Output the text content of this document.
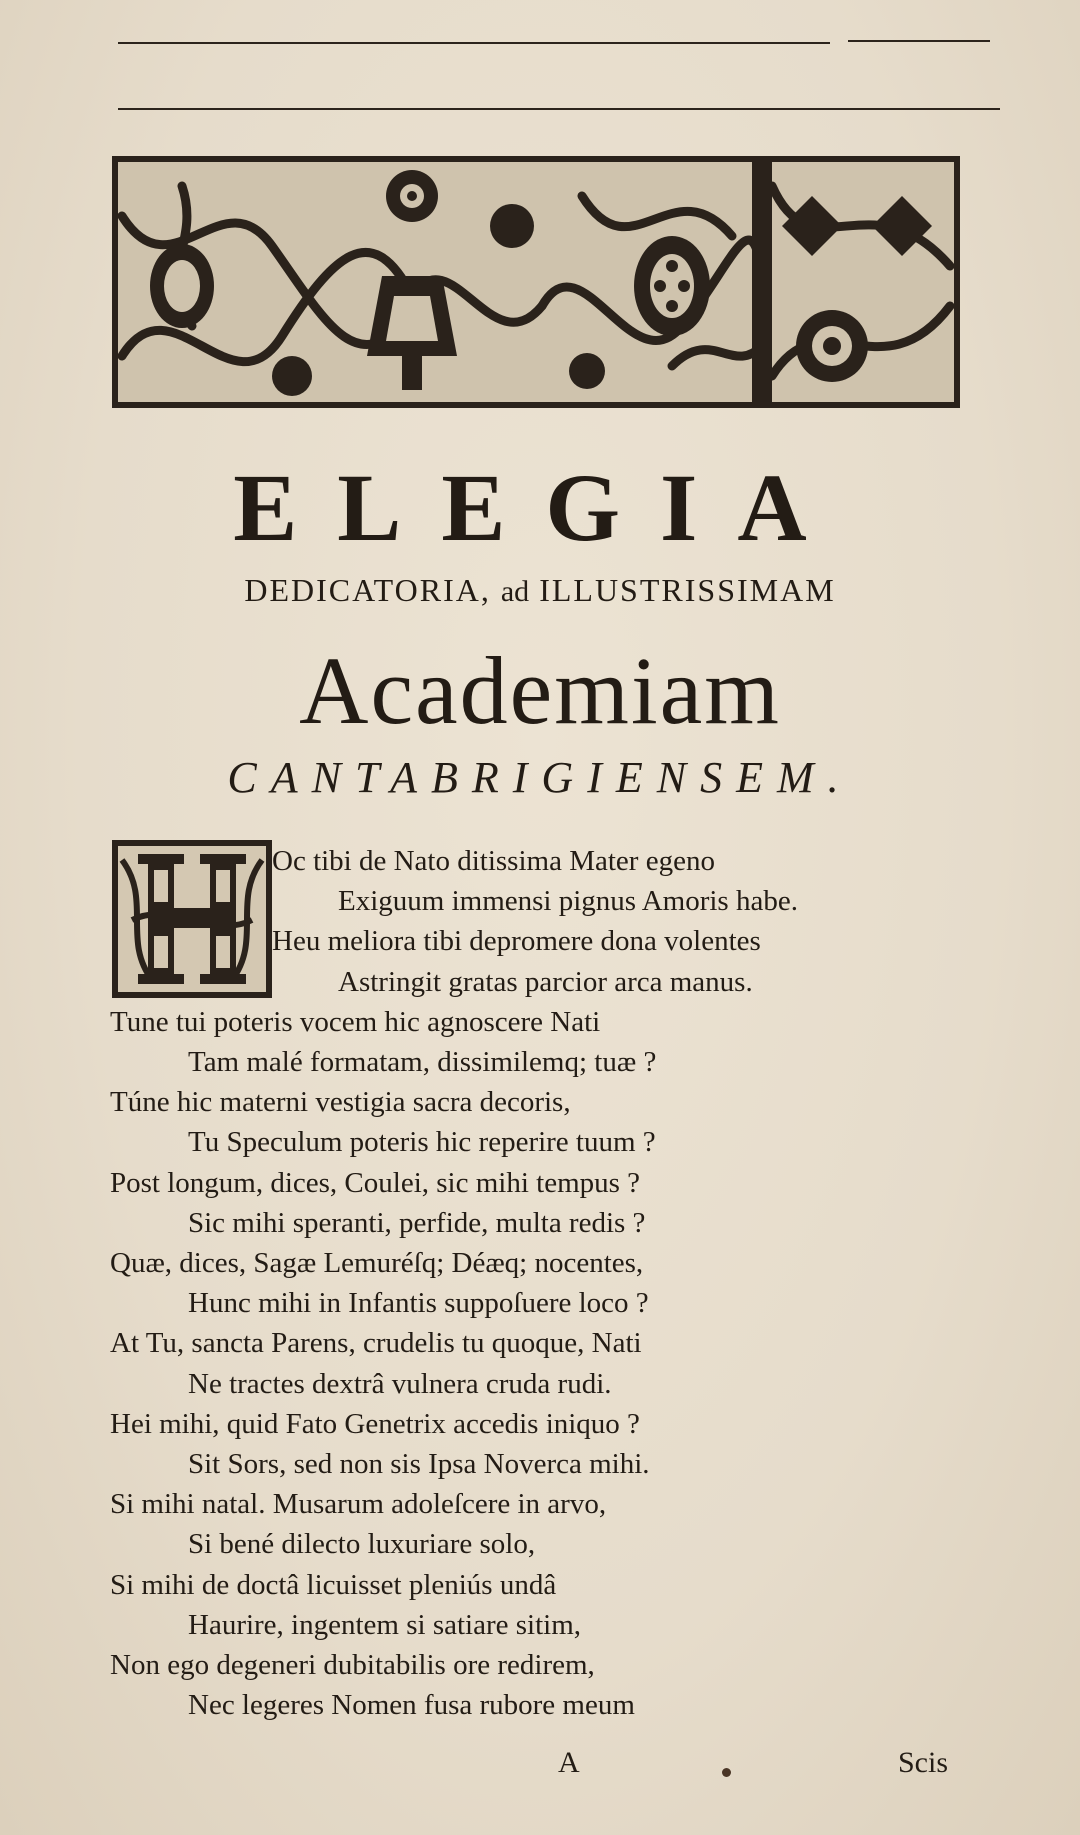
ELEGIA
DEDICATORIA, ad ILLUSTRISSIMAM
Academiam
CANTABRIGIENSEM.
Oc tibi de Nato ditissima Mater egeno
Exiguum immensi pignus Amoris habe.
Heu meliora tibi depromere dona volentes
Astringit gratas parcior arca manus.
Tune tui poteris vocem hic agnoscere Nati
Tam malé formatam, dissimilemq; tuæ ?
Túne hic materni vestigia sacra decoris,
Tu Speculum poteris hic reperire tuum ?
Post longum, dices, Coulei, sic mihi tempus ?
Sic mihi speranti, perfide, multa redis ?
Quæ, dices, Sagæ Lemuréſq; Déæq; nocentes,
Hunc mihi in Infantis suppoſuere loco ?
At Tu, sancta Parens, crudelis tu quoque, Nati
Ne tractes dextrâ vulnera cruda rudi.
Hei mihi, quid Fato Genetrix accedis iniquo ?
Sit Sors, sed non sis Ipsa Noverca mihi.
Si mihi natal. Musarum adoleſcere in arvo,
Si bené dilecto luxuriare solo,
Si mihi de doctâ licuisset pleniús undâ
Haurire, ingentem si satiare sitim,
Non ego degeneri dubitabilis ore redirem,
Nec legeres Nomen fusa rubore meum
A	Scis
